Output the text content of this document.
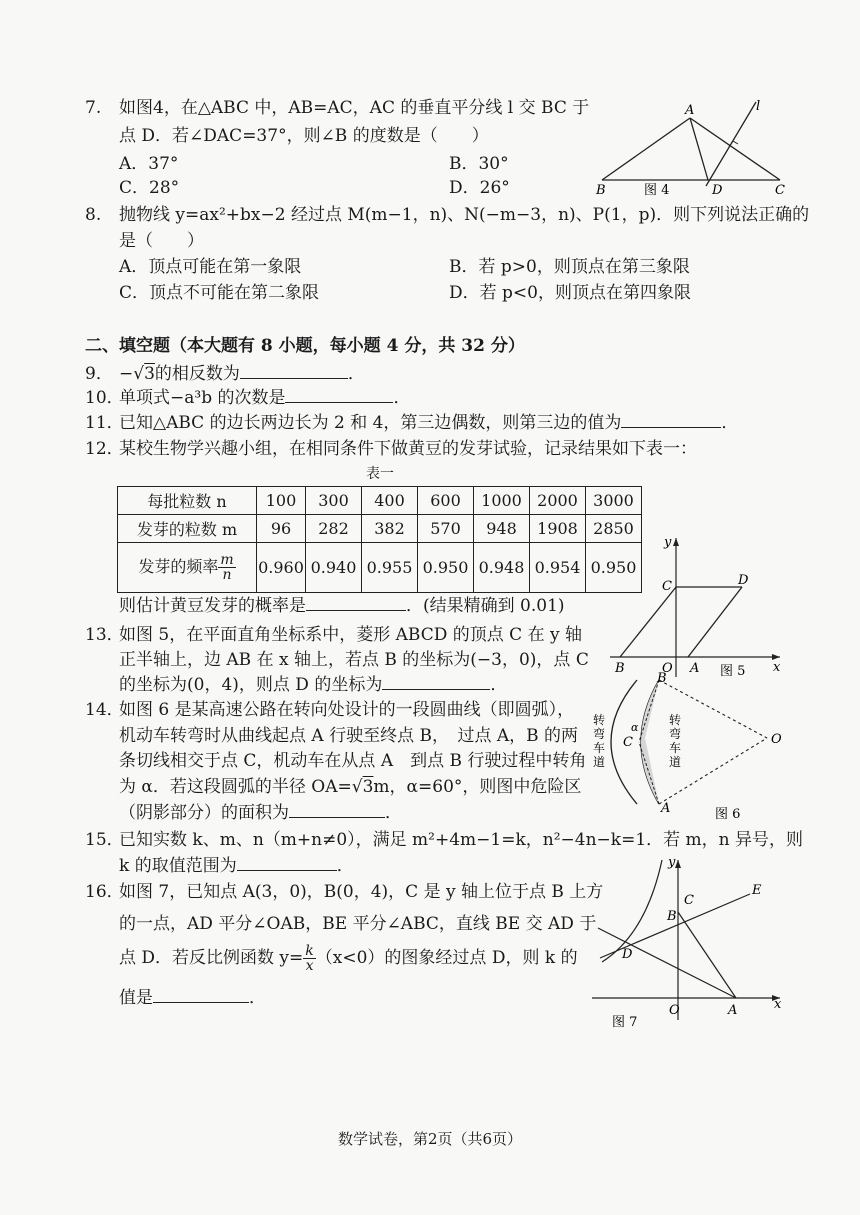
7. 如图4，在△ABC 中，AB=AC，AC 的垂直平分线 l 交 BC 于
点 D．若∠DAC=37°，则∠B 的度数是（　　）
A．37°	B．30°
C．28°	D．26°
A
B	C
D
l
图 4
8. 抛物线 y=ax²+bx−2 经过点 M(m−1，n)、N(−m−3，n)、P(1，p)．则下列说法正确的
是（　　）
A．顶点可能在第一象限	B．若 p>0，则顶点在第三象限
C．顶点不可能在第二象限	D．若 p<0，则顶点在第四象限
二、填空题（本大题有 8 小题，每小题 4 分，共 32 分）
9． −√3的相反数为	．
10．单项式−a³b 的次数是	．
11．已知△ABC 的边长两边长为 2 和 4，第三边偶数，则第三边的值为	．
12．某校生物学兴趣小组，在相同条件下做黄豆的发芽试验，记录结果如下表一：
表一
每批粒数 n	100	300	400	600	1000	2000	3000
发芽的粒数 m	96	282	382	570	948	1908	2850
发芽的频率 $\frac{m}{n}$	0.960	0.940	0.955	0.950	0.948	0.954	0.950
则估计黄豆发芽的概率是	．(结果精确到 0.01)
y
x
B	O A
C	D
图 5
13．如图 5，在平面直角坐标系中，菱形 ABCD 的顶点 C 在 y 轴
正半轴上，边 AB 在 x 轴上，若点 B 的坐标为(−3，0)，点 C
的坐标为(0，4)，则点 D 的坐标为	．
14．如图 6 是某高速公路在转向处设计的一段圆曲线（即圆弧），
机动车转弯时从曲线起点 A 行驶至终点 B，　过点 A，B 的两
条切线相交于点 C，机动车在从点 A　到点 B 行驶过程中转角
为 α．若这段圆弧的半径 OA=√3m，α=60°，则图中危险区
（阴影部分）的面积为	．
B
A
O
C
α
转
弯
车
道
转
弯
车
道
图 6
15．已知实数 k、m、n（m+n≠0），满足 m²+4m−1=k，n²−4n−k=1．若 m，n 异号，则
k 的取值范围为	．
16．如图 7，已知点 A(3，0)，B(0，4)，C 是 y 轴上位于点 B 上方
的一点，AD 平分∠OAB，BE 平分∠ABC，直线 BE 交 AD 于
点 D．若反比例函数 $y= \frac{k}{x} (x<0)$的图象经过点 D，则 k 的
值是	．
y
x
B
C
E
D
O	A
图 7
数学试卷，第2页（共6页）
